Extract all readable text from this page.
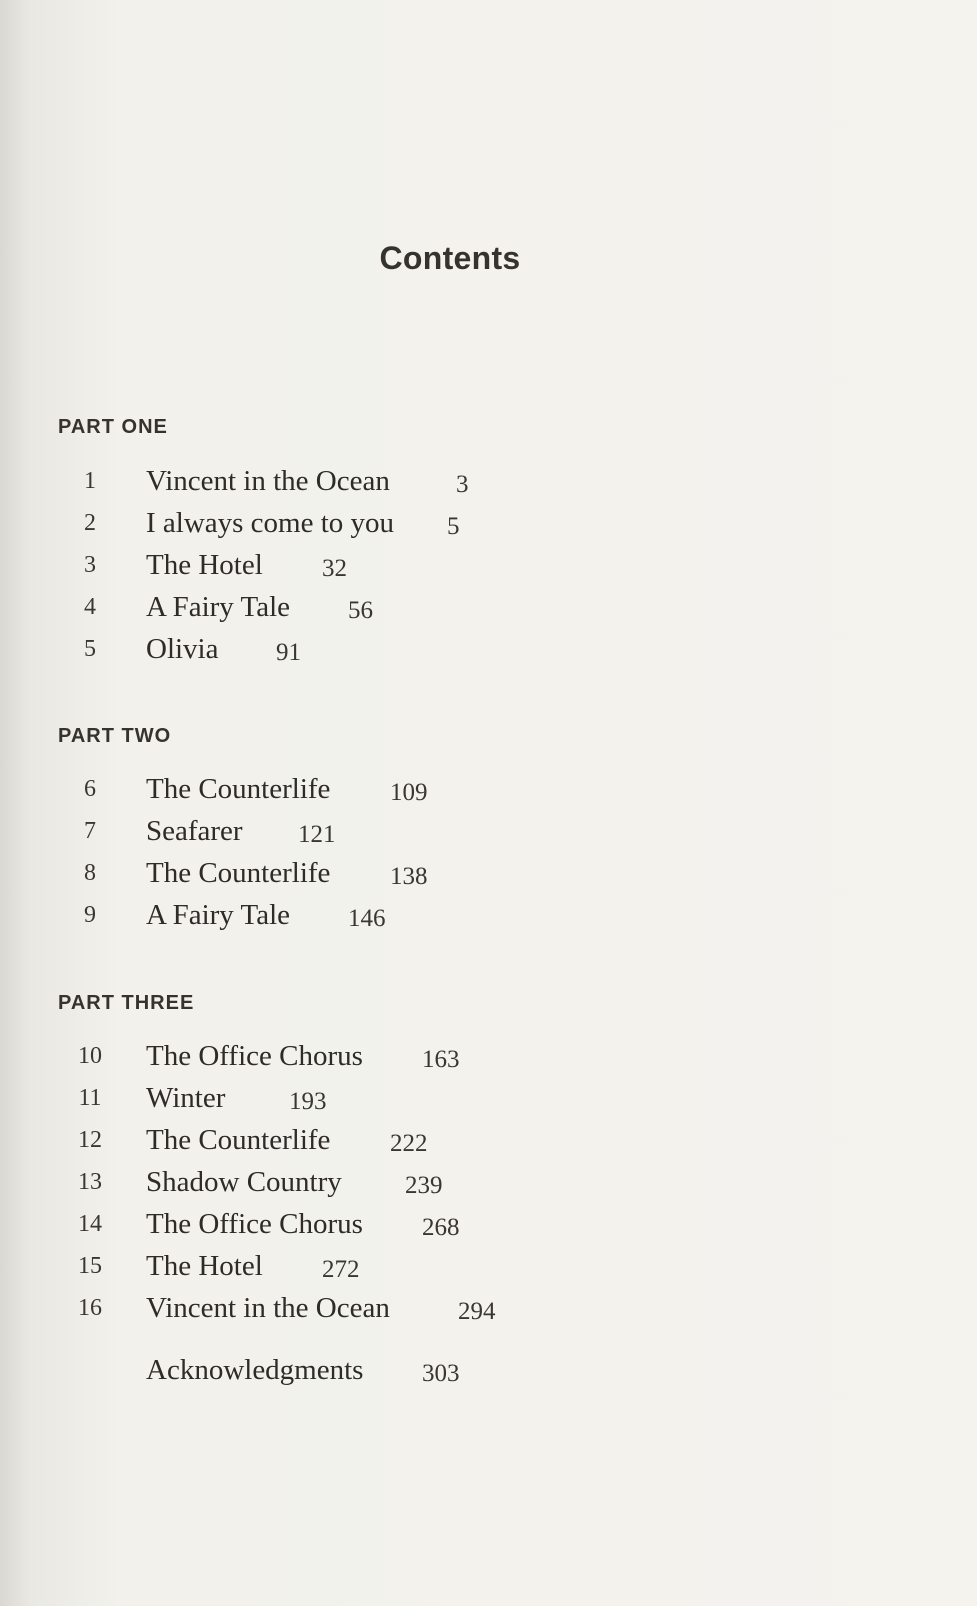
Contents
PART ONE
1	Vincent in the Ocean	3
2	I always come to you 5
3	The Hotel 32
4	A Fairy Tale 56
5	Olivia 91
PART TWO
6	The Counterlife 109
7	Seafarer 121
8	The Counterlife 138
9	A Fairy Tale 146
PART THREE
10 The Office Chorus 163
11 Winter	193
12 The Counterlife 222
13 Shadow Country	239
14 The Office Chorus 268
15 The Hotel 272
16 Vincent in the Ocean	294
Acknowledgments 303
